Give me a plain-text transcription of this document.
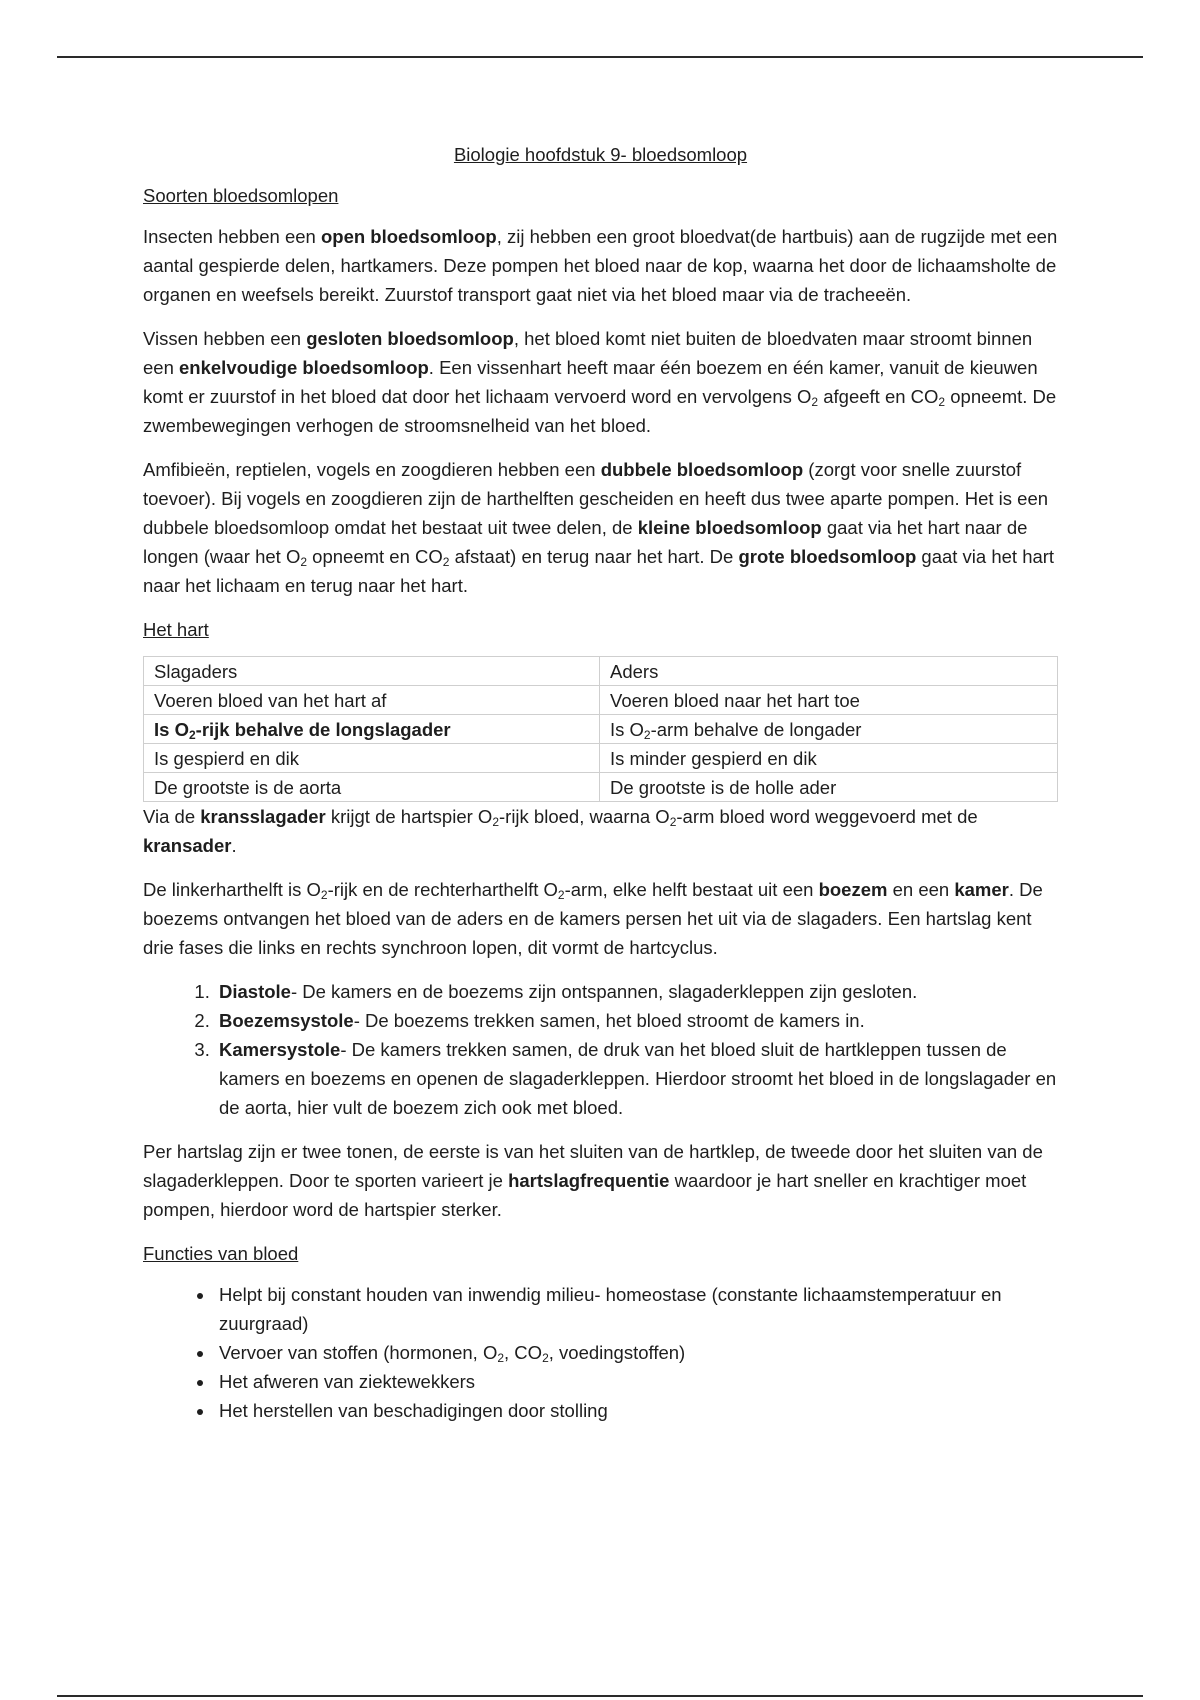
Biologie hoofdstuk 9- bloedsomloop
Soorten bloedsomlopen

Insecten hebben een open bloedsomloop, zij hebben een groot bloedvat(de hartbuis) aan de rugzijde met een aantal gespierde delen, hartkamers. Deze pompen het bloed naar de kop, waarna het door de lichaamsholte de organen en weefsels bereikt. Zuurstof transport gaat niet via het bloed maar via de tracheeën.

Vissen hebben een gesloten bloedsomloop, het bloed komt niet buiten de bloedvaten maar stroomt binnen een enkelvoudige bloedsomloop. Een vissenhart heeft maar één boezem en één kamer, vanuit de kieuwen komt er zuurstof in het bloed dat door het lichaam vervoerd word en vervolgens $O_2$ afgeeft en $CO_2$ opneemt. De zwembewegingen verhogen de stroomsnelheid van het bloed.

Amfibieën, reptielen, vogels en zoogdieren hebben een dubbele bloedsomloop (zorgt voor snelle zuurstof toevoer). Bij vogels en zoogdieren zijn de harthelften gescheiden en heeft dus twee aparte pompen. Het is een dubbele bloedsomloop omdat het bestaat uit twee delen, de kleine bloedsomloop gaat via het hart naar de longen (waar het $O_2$ opneemt en $CO_2$ afstaat) en terug naar het hart. De grote bloedsomloop gaat via het hart naar het lichaam en terug naar het hart.

Het hart
Slagaders	Aders
Voeren bloed van het hart af	Voeren bloed naar het hart toe
Is $O_2$-rijk behalve de longslagader	Is $O_2$-arm behalve de longader
Is gespierd en dik	Is minder gespierd en dik
De grootste is de aorta	De grootste is de holle ader

Via de kransslagader krijgt de hartspier $O_2$-rijk bloed, waarna $O_2$-arm bloed word weggevoerd met de kransader.

De linkerharthelft is $O_2$-rijk en de rechterharthelft $O_2$-arm, elke helft bestaat uit een boezem en een kamer. De boezems ontvangen het bloed van de aders en de kamers persen het uit via de slagaders. Een hartslag kent drie fases die links en rechts synchroon lopen, dit vormt de hartcyclus.

1. Diastole- De kamers en de boezems zijn ontspannen, slagaderkleppen zijn gesloten.
2. Boezemsystole- De boezems trekken samen, het bloed stroomt de kamers in.
3. Kamersystole- De kamers trekken samen, de druk van het bloed sluit de hartkleppen tussen de kamers en boezems en openen de slagaderkleppen. Hierdoor stroomt het bloed in de longslagader en de aorta, hier vult de boezem zich ook met bloed.

Per hartslag zijn er twee tonen, de eerste is van het sluiten van de hartklep, de tweede door het sluiten van de slagaderkleppen. Door te sporten varieert je hartslagfrequentie waardoor je hart sneller en krachtiger moet pompen, hierdoor word de hartspier sterker.

Functies van bloed
• Helpt bij constant houden van inwendig milieu- homeostase (constante lichaamstemperatuur en zuurgraad)
• Vervoer van stoffen (hormonen, $O_2$, $CO_2$, voedingstoffen)
• Het afweren van ziektewekkers
• Het herstellen van beschadigingen door stolling
